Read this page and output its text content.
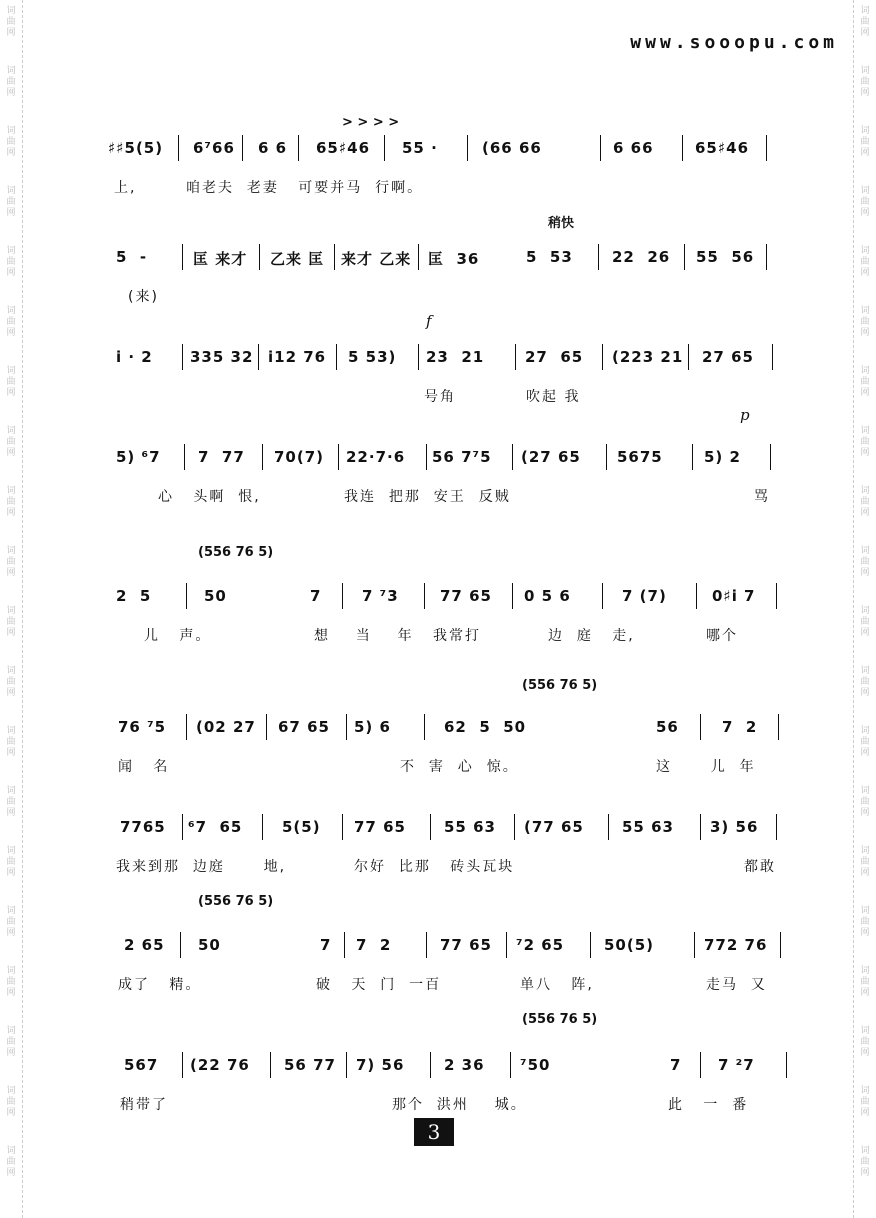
词
曲
网
词
曲
网
词
曲
网
词
曲
网
词
曲
网
词
曲
网
词
曲
网
词
曲
网
词
曲
网
词
曲
网
词
曲
网
词
曲
网
词
曲
网
词
曲
网
词
曲
网
词
曲
网
词
曲
网
词
曲
网
词
曲
网
词
曲
网
词
曲
网
词
曲
网
词
曲
网
词
曲
网
词
曲
网
词
曲
网
词
曲
网
词
曲
网
词
曲
网
词
曲
网
词
曲
网
词
曲
网
词
曲
网
词
曲
网
词
曲
网
词
曲
网
词
曲
网
词
曲
网
词
曲
网
词
曲
网
www.sooopu.com
♯♯5(5) 6⁷66 6 6 65♯46 55 ·	(66 66	6 66	65♯46
上,	咱老夫  老妻   可要并马  行啊。
> > > >
5  -	匡 来才 乙来 匡 来才 乙来 匡  36	5  53	22  26 55  56
(来)
稍快
i · 2 335 32 i12 76 5 53) 23  21	27  65 (223 21 27 65
号角	吹起 我
5) ⁶7 7  77 70(7) 22·7·6 56 7⁷5 (27 65 5675	5) 2
心   头啊  恨,	我连  把那  安王  反贼	骂
2  5	50	7	7 ⁷3	77 65 0 5 6	7 (7)	0♯i 7
儿   声。	想    当    年   我常打	边  庭   走,	哪个
(556 76 5)
76 ⁷5 (02 27 67 65 5) 6	62  5  50	56	7  2
闻   名	不  害  心  惊。	这      儿  年
(556 76 5)
7765 ⁶7  65	5(5) 77 65	55 63 (77 65	55 63 3) 56
我来到那  边庭      地,	尔好  比那   砖头瓦块	都敢
2 65 50	7 7  2	77 65 ⁷2 65	50(5)	772 76
成了   精。	破   天  门  一百	单八   阵,	走马  又
(556 76 5)
567 (22 76 56 77 7) 56	2 36 ⁷50	7 7 ²7
稍带了	那个  洪州    城。	此   一  番
(556 76 5)
f
p
3
